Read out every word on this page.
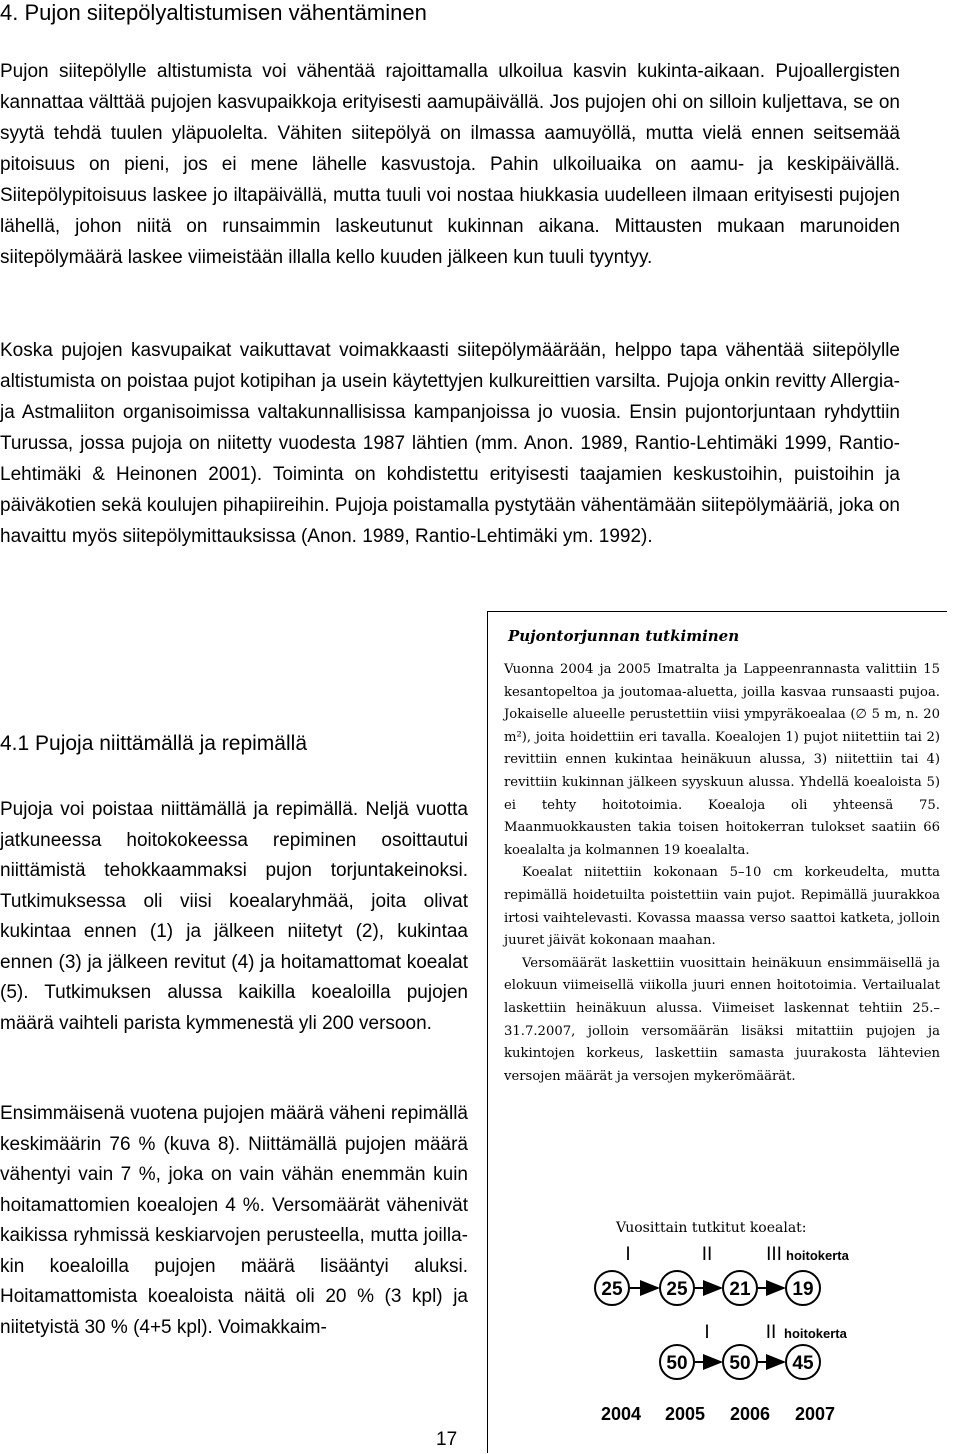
4. Pujon siitepölyaltistumisen vähentäminen

Pujon siitepölylle altistumista voi vähentää rajoittamalla ulkoilua kasvin kukinta-aikaan. Pujoallergisten kannattaa välttää pujojen kasvupaikkoja erityisesti aamupäivällä. Jos pujojen ohi on silloin kuljettava, se on syytä tehdä tuulen yläpuolelta. Vähiten siitepölyä on ilmassa aamuyöllä, mutta vielä ennen seitsemää pitoisuus on pieni, jos ei mene lähelle kasvustoja. Pahin ulkoiluaika on aamu- ja keskipäivällä. Siitepölypitoisuus laskee jo iltapäivällä, mutta tuuli voi nostaa hiukkasia uudelleen ilmaan erityisesti pujojen lähellä, johon niitä on runsaimmin laskeutunut kukinnan aikana. Mittausten mukaan marunoiden siitepölymäärä laskee viimeistään illalla kello kuuden jälkeen kun tuuli tyyntyy.

Koska pujojen kasvupaikat vaikuttavat voimakkaasti siitepölymäärään, helppo tapa vähentää siitepölylle altistumista on poistaa pujot kotipihan ja usein käytettyjen kulkureittien varsilta. Pujoja onkin revitty Allergia- ja Astmaliiton organisoimissa valtakunnallisissa kampanjoissa jo vuosia. Ensin pujontorjuntaan ryhdyttiin Turussa, jossa pujoja on niitetty vuodesta 1987 lähtien (mm. Anon. 1989, Rantio-Lehtimäki 1999, Rantio-Lehtimäki & Heinonen 2001). Toiminta on kohdistettu erityisesti taajamien keskustoihin, puistoihin ja päiväkotien sekä koulujen pihapiireihin. Pujoja poistamalla pystytään vähentämään siitepölymääriä, joka on havaittu myös siitepölymittauksissa (Anon. 1989, Rantio-Lehtimäki ym. 1992).

4.1 Pujoja niittämällä ja repimällä

Pujoja voi poistaa niittämällä ja repimällä. Neljä vuotta jatkuneessa hoitokokeessa repiminen osoittautui niittämistä tehokkaammaksi pujon torjuntakeinoksi. Tutkimuksessa oli viisi koealaryhmää, joita olivat kukintaa ennen (1) ja jälkeen niitetyt (2), kukintaa ennen (3) ja jälkeen revitut (4) ja hoitamattomat koealat (5). Tutkimuksen alussa kaikilla koealoilla pujojen määrä vaihteli parista kymmenestä yli 200 versoon.

Ensimmäisenä vuotena pujojen määrä väheni repimällä keskimäärin 76 % (kuva 8). Niittämällä pujojen määrä vähentyi vain 7 %, joka on vain vähän enemmän kuin hoitamattomien koealojen 4 %. Versomäärät vähenivät kaikissa ryhmissä keskiarvojen perusteella, mutta joillakin koealoilla pujojen määrä lisääntyi aluksi. Hoitamattomista koealoista näitä oli 20 % (3 kpl) ja niitetyistä 30 % (4+5 kpl). Voimakkaim-

Pujontorjunnan tutkiminen

Vuonna 2004 ja 2005 Imatralta ja Lappeenrannasta valittiin 15 kesantopeltoa ja joutomaa-aluetta, joilla kasvaa runsaasti pujoa. Jokaiselle alueelle perustettiin viisi ympyräkoealaa (∅ 5 m, n. 20 m²), joita hoidettiin eri tavalla. Koealojen 1) pujot niitettiin tai 2) revittiin ennen kukintaa heinäkuun alussa, 3) niitettiin tai 4) revittiin kukinnan jälkeen syyskuun alussa. Yhdellä koealoista 5) ei tehty hoitotoimia. Koealoja oli yhteensä 75. Maanmuokkausten takia toisen hoitokerran tulokset saatiin 66 koealalta ja kolmannen 19 koealalta.

Koealat niitettiin kokonaan 5–10 cm korkeudelta, mutta repimällä hoidetuilta poistettiin vain pujot. Repimällä juurakkoa irtosi vaihtelevasti. Kovassa maassa verso saattoi katketa, jolloin juuret jäivät kokonaan maahan.

Versomäärät laskettiin vuosittain heinäkuun ensimmäisellä ja elokuun viimeisellä viikolla juuri ennen hoitotoimia. Vertailualat laskettiin heinäkuun alussa. Viimeiset laskennat tehtiin 25.–31.7.2007, jolloin versomäärän lisäksi mitattiin pujojen ja kukintojen korkeus, laskettiin samasta juurakosta lähtevien versojen määrät ja versojen mykerömäärät.

Vuosittain tutkitut koealat:
I	II	III hoitokerta
25 25 21 19
I	II hoitokerta
50 50 45
2004 2005 2006 2007
17
